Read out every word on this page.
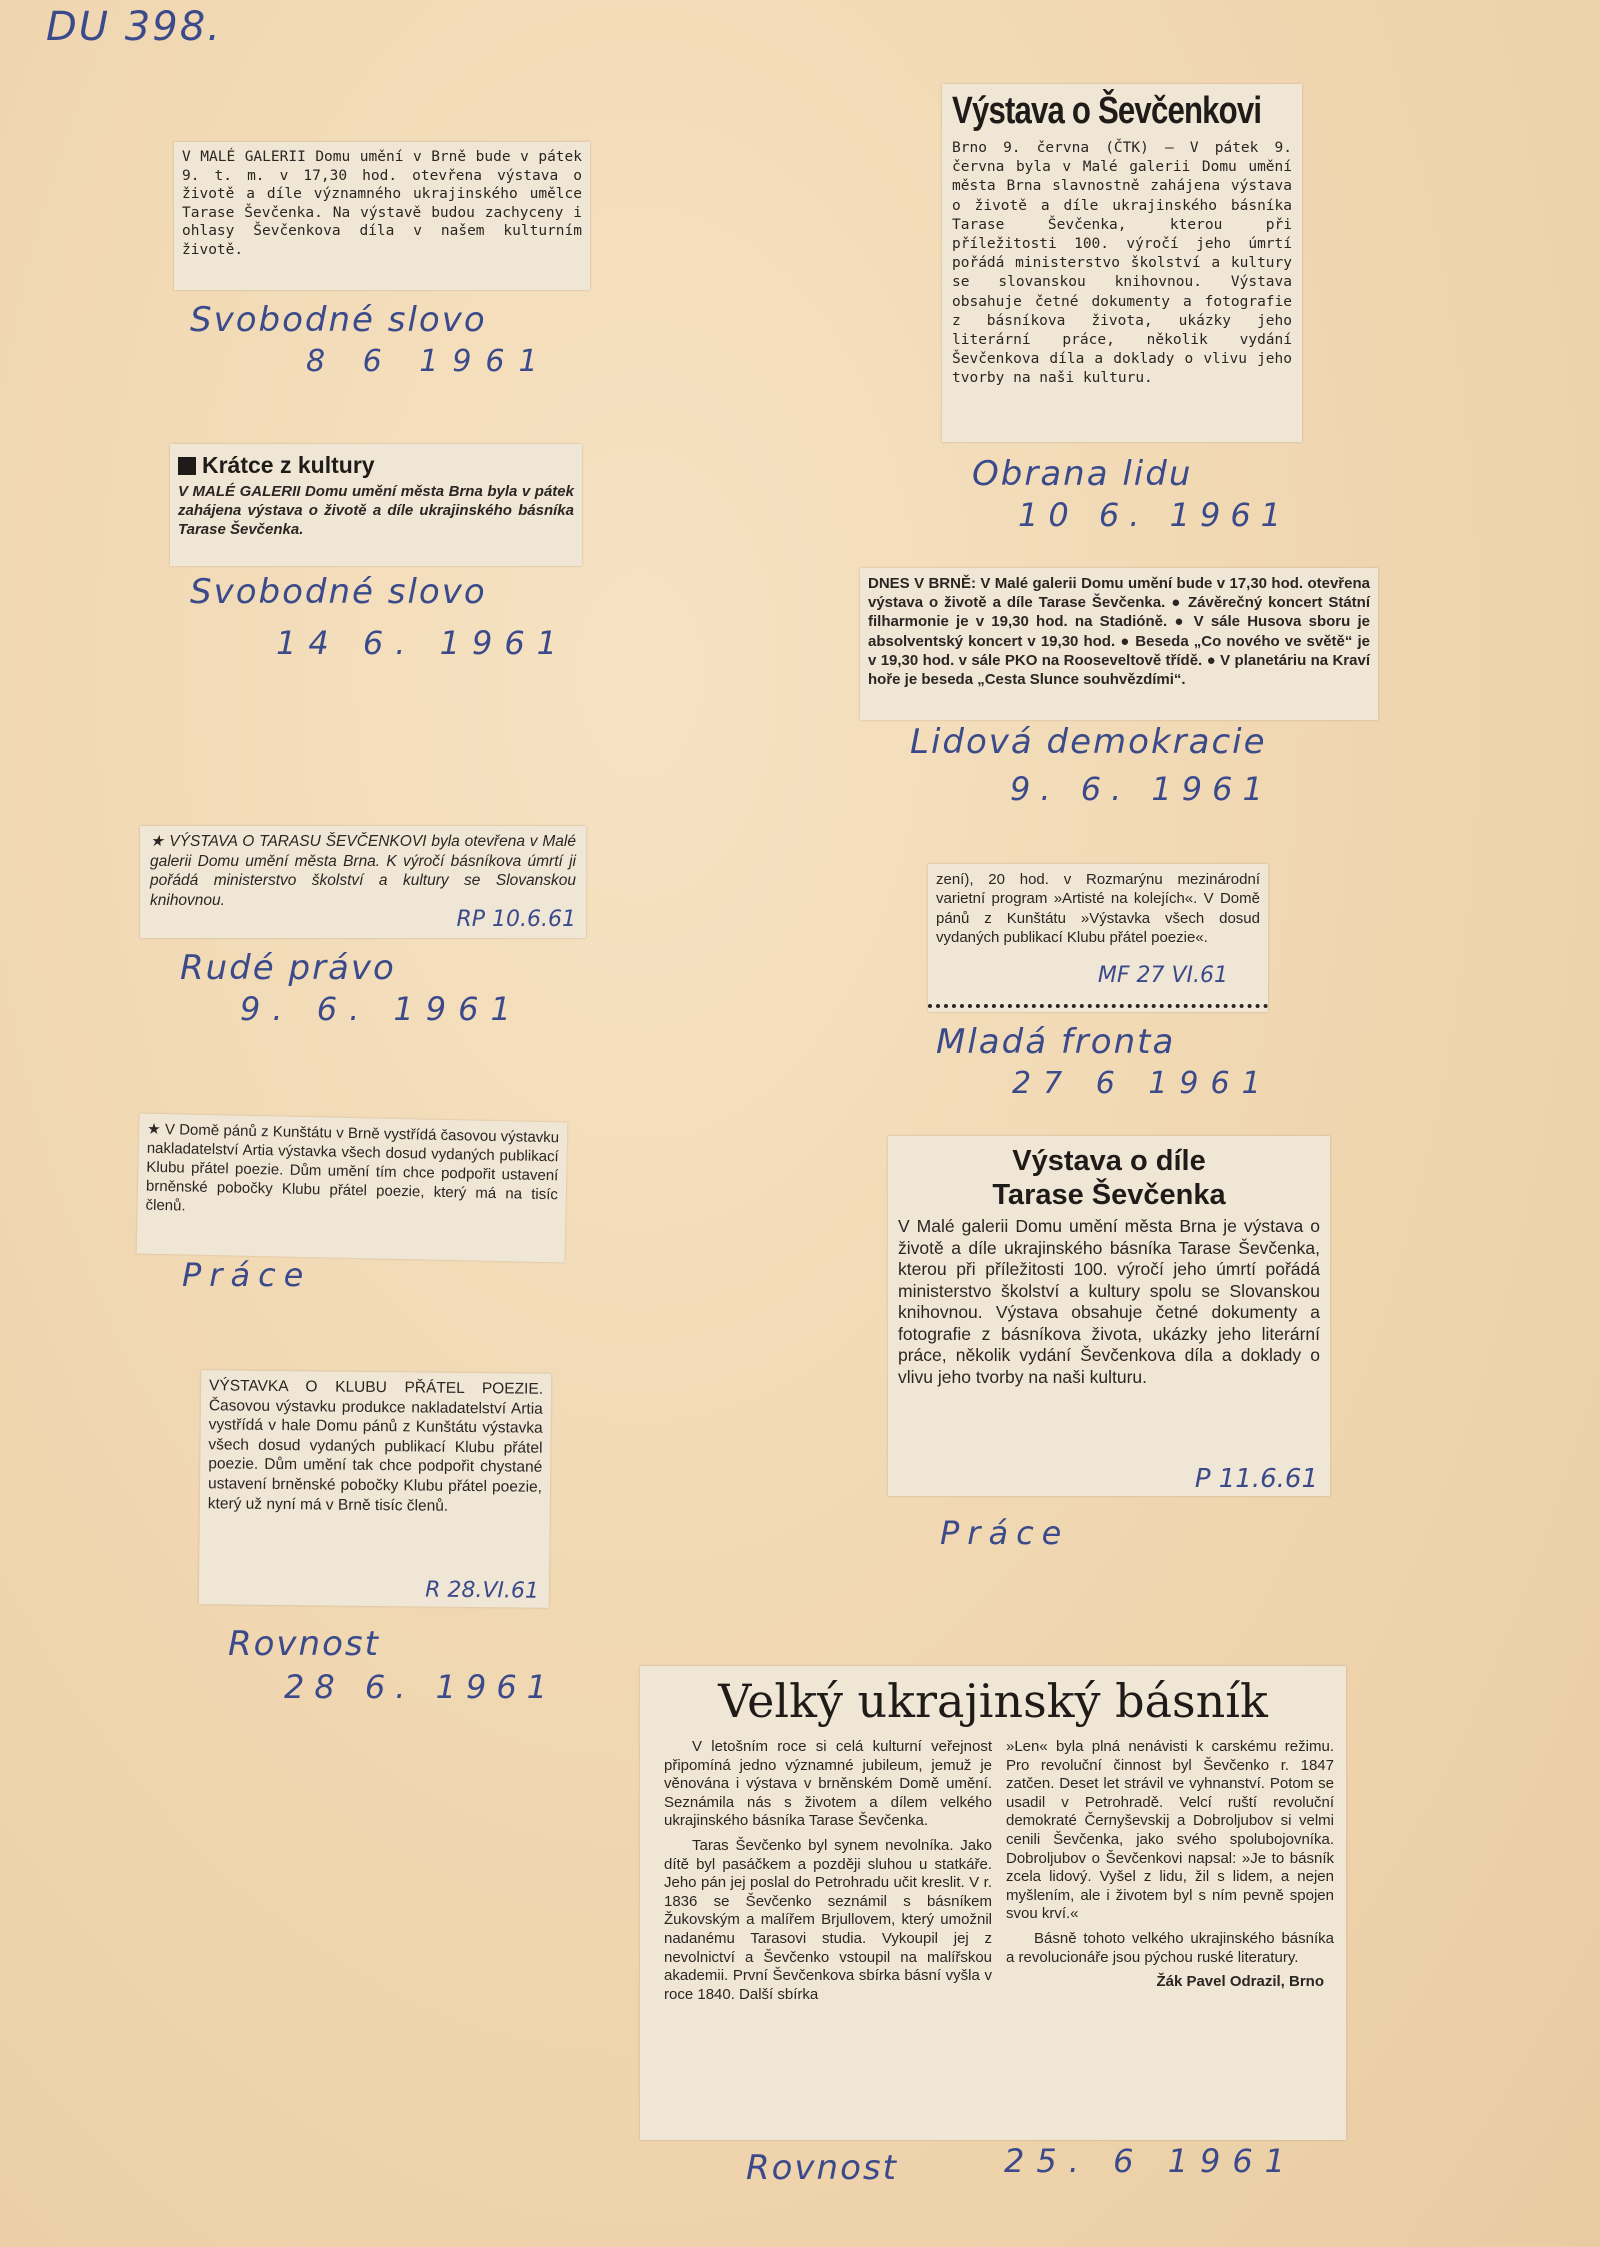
DU 398.

V MALÉ GALERII Domu umění v Brně bude v pátek 9. t. m. v 17,30 hod. otevřena výstava o životě a díle významného ukrajinského umělce Tarase Ševčenka. Na výstavě budou zachyceny i ohlasy Ševčenkova díla v našem kulturním životě.

Svobodné slovo
8 6 1961

Krátce z kultury

V MALÉ GALERII Domu umění města Brna byla v pátek zahájena výstava o životě a díle ukrajinského básníka Tarase Ševčenka.

Svobodné slovo
14 6. 1961

★ VÝSTAVA O TARASU ŠEVČENKOVI byla otevřena v Malé galerii Domu umění města Brna. K výročí básníkova úmrtí ji pořádá ministerstvo školství a kultury se Slovanskou knihovnou.

RP 10.6.61
Rudé právo
9. 6. 1961

★ V Domě pánů z Kunštátu v Brně vystřídá časovou výstavku nakladatelství Artia výstavka všech dosud vydaných publikací Klubu přátel poezie. Dům umění tím chce podpořit ustavení brněnské pobočky Klubu přátel poezie, který má na tisíc členů.

Práce

VÝSTAVKA O KLUBU PŘÁTEL POEZIE. Časovou výstavku produkce nakladatelství Artia vystřídá v hale Domu pánů z Kunštátu výstavka všech dosud vydaných publikací Klubu přátel poezie. Dům umění tak chce podpořit chystané ustavení brněnské pobočky Klubu přátel poezie, který už nyní má v Brně tisíc členů.

R 28.VI.61
Rovnost
28 6. 1961

Výstava o Ševčenkovi

Brno 9. června (ČTK) — V pátek 9. června byla v Malé galerii Domu umění města Brna slavnostně zahájena výstava o životě a díle ukrajinského básníka Tarase Ševčenka, kterou při příležitosti 100. výročí jeho úmrtí pořádá ministerstvo školství a kultury se slovanskou knihovnou. Výstava obsahuje četné dokumenty a fotografie z básníkova života, ukázky jeho literární práce, několik vydání Ševčenkova díla a doklady o vlivu jeho tvorby na naši kulturu.

Obrana lidu
10 6. 1961

DNES V BRNĚ: V Malé galerii Domu umění bude v 17,30 hod. otevřena výstava o životě a díle Tarase Ševčenka. ● Závěrečný koncert Státní filharmonie je v 19,30 hod. na Stadióně. ● V sále Husova sboru je absolventský koncert v 19,30 hod. ● Beseda „Co nového ve světě“ je v 19,30 hod. v sále PKO na Rooseveltově třídě. ● V planetáriu na Kraví hoře je beseda „Cesta Slunce souhvězdími“.

Lidová demokracie
9. 6. 1961

zení), 20 hod. v Rozmarýnu mezinárodní varietní program »Artisté na kolejích«. V Domě pánů z Kunštátu »Výstavka všech dosud vydaných publikací Klubu přátel poezie«.

MF 27 VI.61
Mladá fronta
27 6 1961

Výstava o díle

Tarase Ševčenka

V Malé galerii Domu umění města Brna je výstava o životě a díle ukrajinského básníka Tarase Ševčenka, kterou při příležitosti 100. výročí jeho úmrtí pořádá ministerstvo školství a kultury spolu se Slovanskou knihovnou. Výstava obsahuje četné dokumenty a fotografie z básníkova života, ukázky jeho literární práce, několik vydání Ševčenkova díla a doklady o vlivu jeho tvorby na naši kulturu.

P 11.6.61
Práce

Velký ukrajinský básník

V letošním roce si celá kulturní veřejnost připomíná jedno významné jubileum, jemuž je věnována i výstava v brněnském Domě umění. Seznámila nás s životem a dílem velkého ukrajinského básníka Tarase Ševčenka.

Taras Ševčenko byl synem nevolníka. Jako dítě byl pasáčkem a později sluhou u statkáře. Jeho pán jej poslal do Petrohradu učit kreslit. V r. 1836 se Ševčenko seznámil s básníkem Žukovským a malířem Brjullovem, který umožnil nadanému Tarasovi studia. Vykoupil jej z nevolnictví a Ševčenko vstoupil na malířskou akademii. První Ševčenkova sbírka básní vyšla v roce 1840. Další sbírka

»Len« byla plná nenávisti k carskému režimu. Pro revoluční činnost byl Ševčenko r. 1847 zatčen. Deset let strávil ve vyhnanství. Potom se usadil v Petrohradě. Velcí ruští revoluční demokraté Černyševskij a Dobroljubov si velmi cenili Ševčenka, jako svého spolubojovníka. Dobroljubov o Ševčenkovi napsal: »Je to básník zcela lidový. Vyšel z lidu, žil s lidem, a nejen myšlením, ale i životem byl s ním pevně spojen svou krví.«

Básně tohoto velkého ukrajinského básníka a revolucionáře jsou pýchou ruské literatury.

Žák Pavel Odrazil, Brno

Rovnost	25. 6 1961
